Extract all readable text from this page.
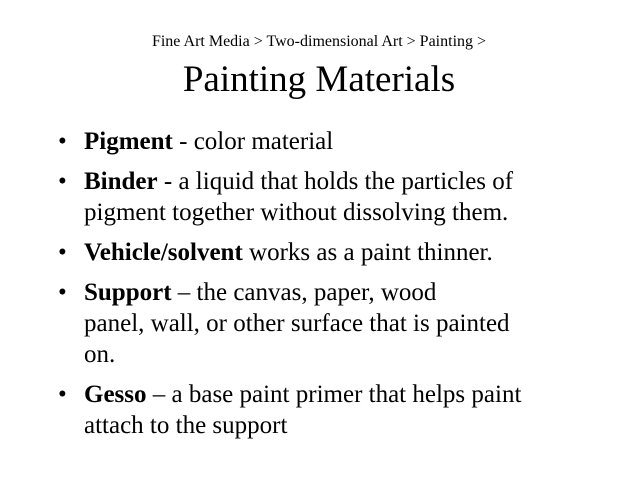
Fine Art Media > Two-dimensional Art > Painting >
Painting Materials
• Pigment - color material
• Binder - a liquid that holds the particles of
pigment together without dissolving them.
• Vehicle/solvent works as a paint thinner.
• Support – the canvas, paper, wood
panel, wall, or other surface that is painted
on.
• Gesso – a base paint primer that helps paint
attach to the support
